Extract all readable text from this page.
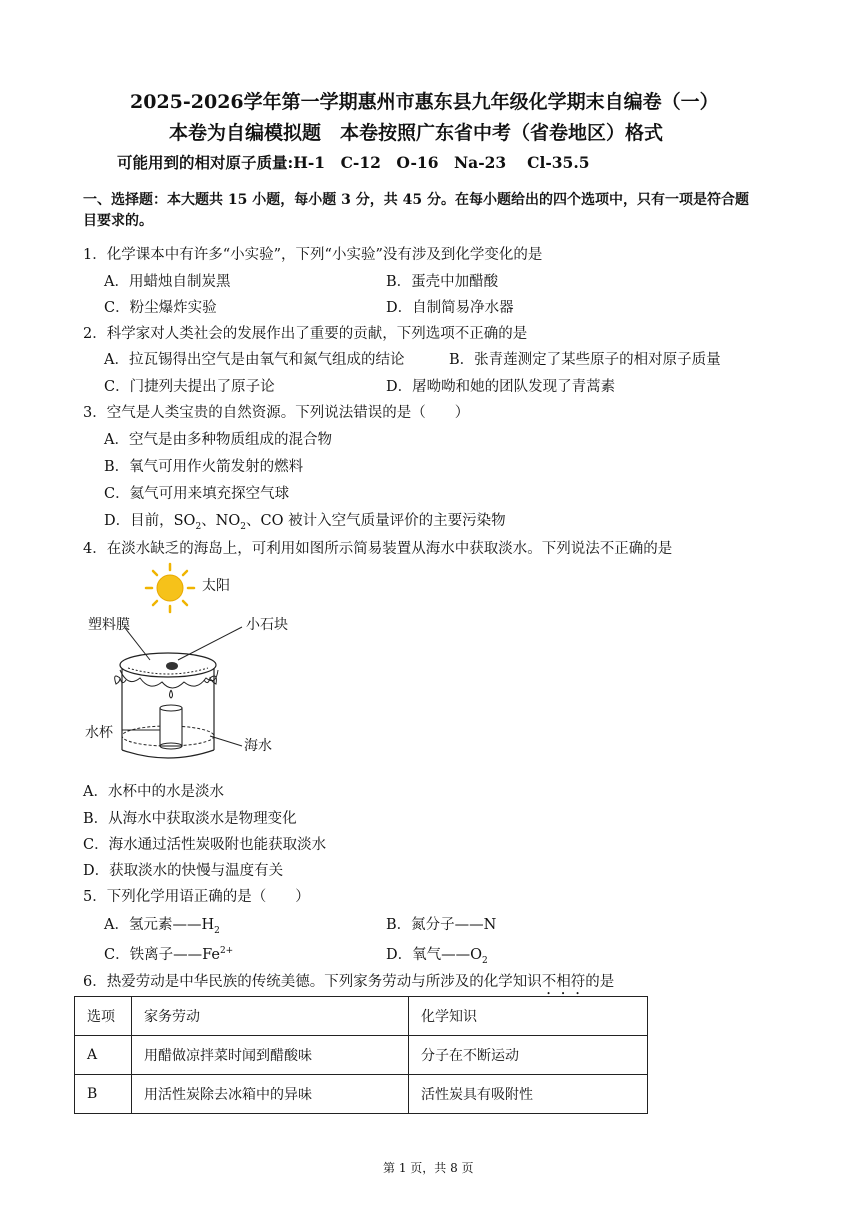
2025-2026学年第一学期惠州市惠东县九年级化学期末自编卷（一）
本卷为自编模拟题　本卷按照广东省中考（省卷地区）格式
可能用到的相对原子质量:H-1　C-12　O-16　Na-23　 Cl-35.5
一、选择题：本大题共 15 小题，每小题 3 分，共 45 分。在每小题给出的四个选项中，只有一项是符合题
目要求的。
1．化学课本中有许多“小实验”，下列“小实验”没有涉及到化学变化的是
A．用蜡烛自制炭黑	B．蛋壳中加醋酸
C．粉尘爆炸实验	D．自制简易净水器
2．科学家对人类社会的发展作出了重要的贡献，下列选项不正确的是
A．拉瓦锡得出空气是由氧气和氮气组成的结论	B．张青莲测定了某些原子的相对原子质量
C．门捷列夫提出了原子论	D．屠呦呦和她的团队发现了青蒿素
3．空气是人类宝贵的自然资源。下列说法错误的是（　　）
A．空气是由多种物质组成的混合物
B．氧气可用作火箭发射的燃料
C．氦气可用来填充探空气球
D．目前，$SO_2$、$NO_2$、CO 被计入空气质量评价的主要污染物
4．在淡水缺乏的海岛上，可利用如图所示简易装置从海水中获取淡水。下列说法不正确的是
太阳
塑料膜	小石块
水杯
海水
A．水杯中的水是淡水
B．从海水中获取淡水是物理变化
C．海水通过活性炭吸附也能获取淡水
D．获取淡水的快慢与温度有关
5．下列化学用语正确的是（　　）
A．氢元素$——H_2$	B．氮分子——N
C．铁离子$——Fe^{2+}$	D．氧气$——O_2$
6．热爱劳动是中华民族的传统美德。下列家务劳动与所涉及的化学知识不相符的是
选项	家务劳动	化学知识
A	用醋做凉拌菜时闻到醋酸味	分子在不断运动
B	用活性炭除去冰箱中的异味	活性炭具有吸附性
第 1 页，共 8 页
